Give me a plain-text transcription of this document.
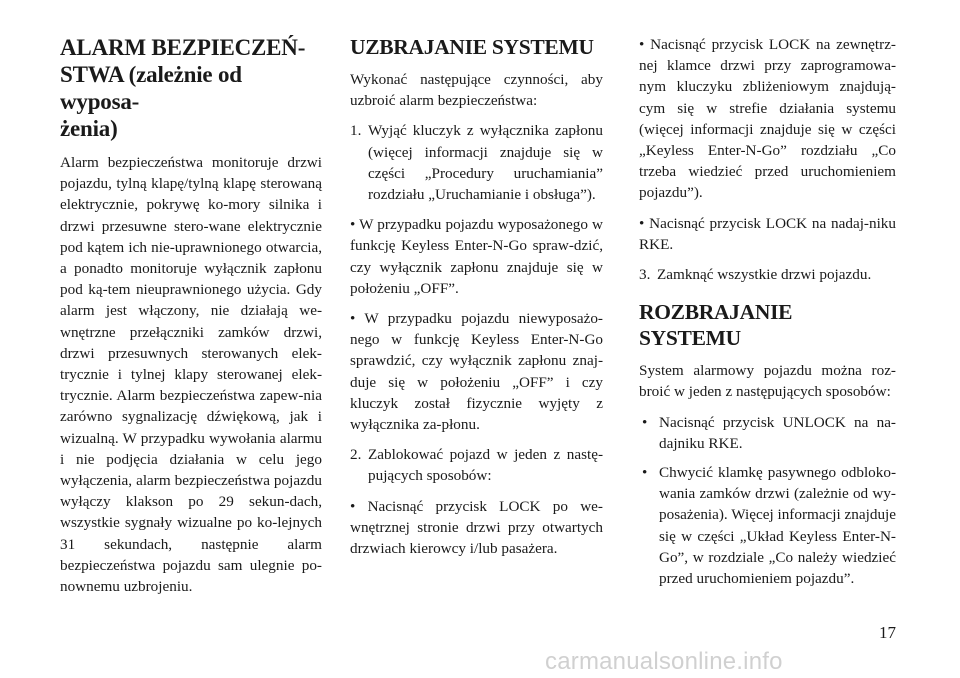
ALARM BEZPIECZEŃ-
STWA (zależnie od wyposa-
żenia)

Alarm bezpieczeństwa monitoruje drzwi pojazdu, tylną klapę/tylną klapę sterowaną elektrycznie, pokrywę ko-mory silnika i drzwi przesuwne stero-wane elektrycznie pod kątem ich nie-uprawnionego otwarcia, a ponadto monitoruje wyłącznik zapłonu pod ką-tem nieuprawnionego użycia. Gdy alarm jest włączony, nie działają we-wnętrzne przełączniki zamków drzwi, drzwi przesuwnych sterowanych elek-trycznie i tylnej klapy sterowanej elek-trycznie. Alarm bezpieczeństwa zapew-nia zarówno sygnalizację dźwiękową, jak i wizualną. W przypadku wywołania alarmu i nie podjęcia działania w celu jego wyłączenia, alarm bezpieczeństwa pojazdu wyłączy klakson po 29 sekun-dach, wszystkie sygnały wizualne po ko-lejnych 31 sekundach, następnie alarm bezpieczeństwa pojazdu sam ulegnie po-nownemu uzbrojeniu.

UZBRAJANIE SYSTEMU

Wykonać następujące czynności, aby uzbroić alarm bezpieczeństwa:

1. Wyjąć kluczyk z wyłącznika zapłonu (więcej informacji znajduje się w części „Procedury uruchamiania” rozdziału „Uruchamianie i obsługa”).

• W przypadku pojazdu wyposażonego w funkcję Keyless Enter-N-Go spraw-dzić, czy wyłącznik zapłonu znajduje się w położeniu „OFF”.

• W przypadku pojazdu niewyposażo-nego w funkcję Keyless Enter-N-Go sprawdzić, czy wyłącznik zapłonu znaj-duje się w położeniu „OFF” i czy kluczyk został fizycznie wyjęty z wyłącznika za-płonu.

2. Zablokować pojazd w jeden z nastę-pujących sposobów:

• Nacisnąć przycisk LOCK po we-wnętrznej stronie drzwi przy otwartych drzwiach kierowcy i/lub pasażera.

• Nacisnąć przycisk LOCK na zewnętrz-nej klamce drzwi przy zaprogramowa-nym kluczyku zbliżeniowym znajdują-cym się w strefie działania systemu (więcej informacji znajduje się w części „Keyless Enter-N-Go” rozdziału „Co trzeba wiedzieć przed uruchomieniem pojazdu”).

• Nacisnąć przycisk LOCK na nadaj-niku RKE.

3. Zamknąć wszystkie drzwi pojazdu.
ROZBRAJANIE SYSTEMU

System alarmowy pojazdu można roz-broić w jeden z następujących sposobów:

• Nacisnąć przycisk UNLOCK na na-dajniku RKE.
• Chwycić klamkę pasywnego odbloko-wania zamków drzwi (zależnie od wy-posażenia). Więcej informacji znajduje się w części „Układ Keyless Enter-N-Go”, w rozdziale „Co należy wiedzieć przed uruchomieniem pojazdu”.
17
carmanualsonline.info
